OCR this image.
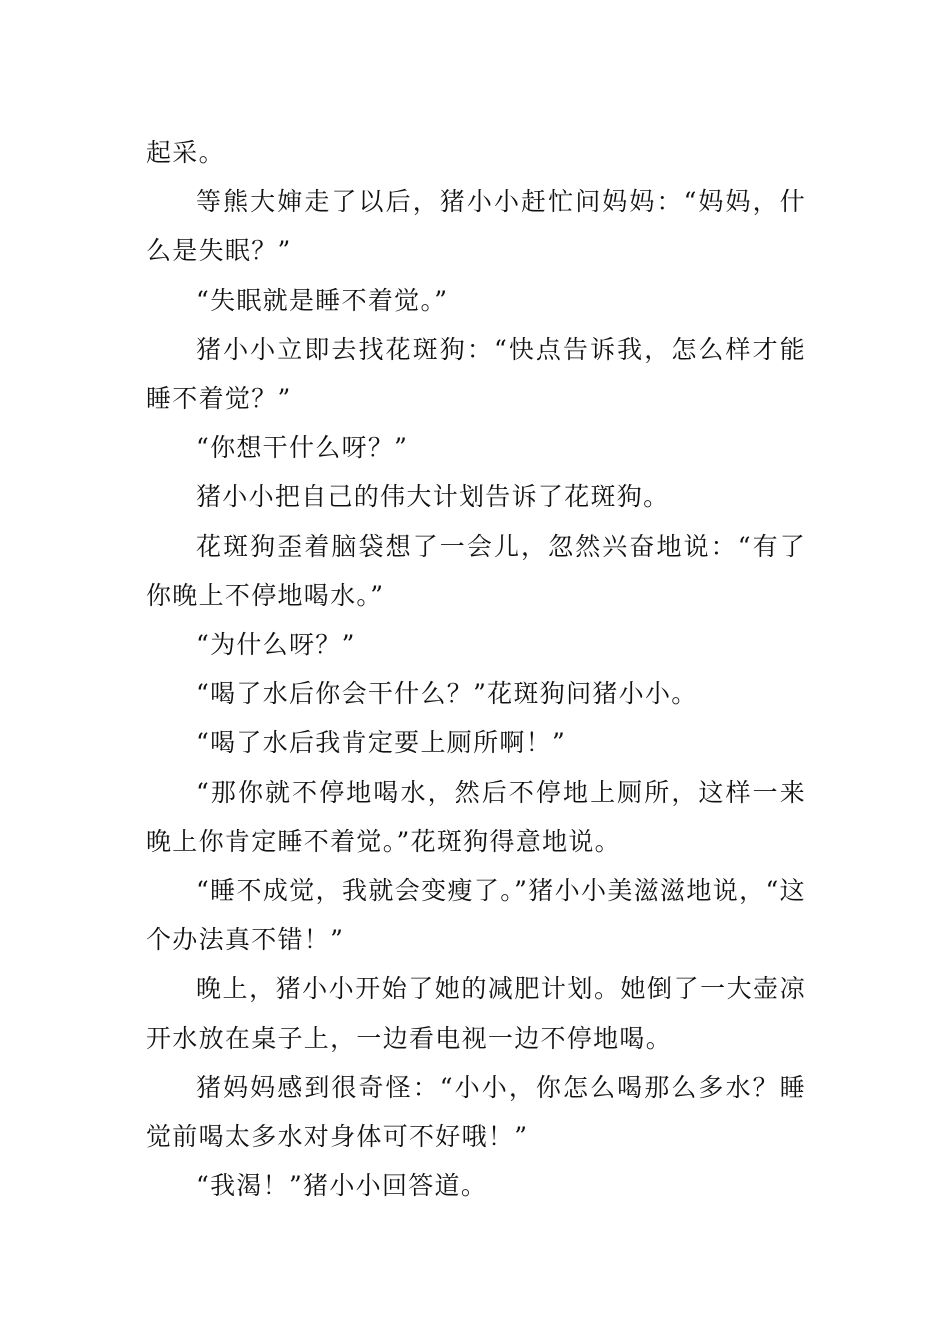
起采。

等熊大婶走了以后，猪小小赶忙问妈妈：“妈妈，什么是失眠？”

“失眠就是睡不着觉。”

猪小小立即去找花斑狗：“快点告诉我，怎么样才能睡不着觉？”

“你想干什么呀？”

猪小小把自己的伟大计划告诉了花斑狗。

花斑狗歪着脑袋想了一会儿，忽然兴奋地说：“有了你晚上不停地喝水。”

“为什么呀？”

“喝了水后你会干什么？”花斑狗问猪小小。

“喝了水后我肯定要上厕所啊！”

“那你就不停地喝水，然后不停地上厕所，这样一来晚上你肯定睡不着觉。”花斑狗得意地说。

“睡不成觉，我就会变瘦了。”猪小小美滋滋地说，“这个办法真不错！”

晚上，猪小小开始了她的减肥计划。她倒了一大壶凉开水放在桌子上，一边看电视一边不停地喝。

猪妈妈感到很奇怪：“小小，你怎么喝那么多水？睡觉前喝太多水对身体可不好哦！”

“我渴！”猪小小回答道。
